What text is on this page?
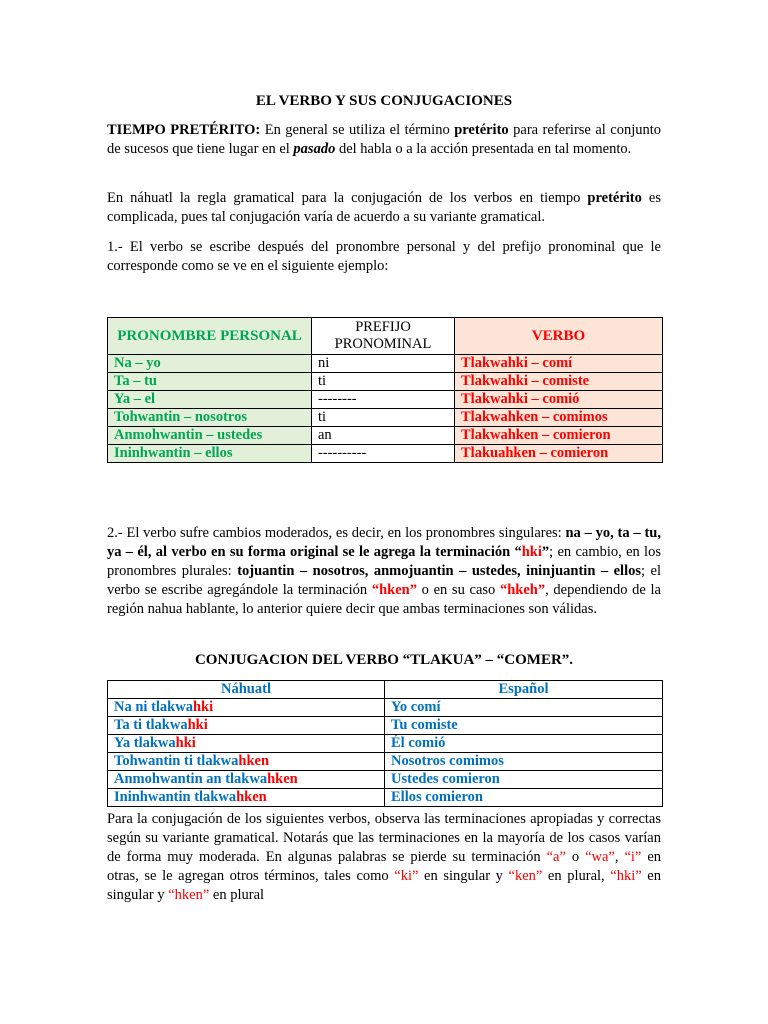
EL VERBO Y SUS CONJUGACIONES

TIEMPO PRETÉRITO: En general se utiliza el término pretérito para referirse al conjunto de sucesos que tiene lugar en el pasado del habla o a la acción presentada en tal momento.

En náhuatl la regla gramatical para la conjugación de los verbos en tiempo pretérito es complicada, pues tal conjugación varía de acuerdo a su variante gramatical.

1.- El verbo se escribe después del pronombre personal y del prefijo pronominal que le corresponde como se ve en el siguiente ejemplo:

PRONOMBRE PERSONAL	PREFIJO PRONOMINAL	VERBO
Na – yo	ni	Tlakwahki – comí
Ta – tu	ti	Tlakwahki – comiste
Ya – el	--------	Tlakwahki – comió
Tohwantin – nosotros	ti	Tlakwahken – comimos
Anmohwantin – ustedes	an	Tlakwahken – comieron
Ininhwantin – ellos	----------	Tlakuahken – comieron

2.- El verbo sufre cambios moderados, es decir, en los pronombres singulares: na – yo, ta – tu, ya – él, al verbo en su forma original se le agrega la terminación “hki”; en cambio, en los pronombres plurales: tojuantin – nosotros, anmojuantin – ustedes, ininjuantin – ellos; el verbo se escribe agregándole la terminación “hken” o en su caso “hkeh”, dependiendo de la región nahua hablante, lo anterior quiere decir que ambas terminaciones son válidas.

CONJUGACION DEL VERBO “TLAKUA” – “COMER”.
Náhuatl	Español
Na ni tlakwahki	Yo comí
Ta ti tlakwahki	Tu comiste
Ya tlakwahki	Él comió
Tohwantin ti tlakwahken	Nosotros comimos
Anmohwantin an tlakwahken	Ustedes comieron
Ininhwantin tlakwahken	Ellos comieron

Para la conjugación de los siguientes verbos, observa las terminaciones apropiadas y correctas según su variante gramatical. Notarás que las terminaciones en la mayoría de los casos varían de forma muy moderada. En algunas palabras se pierde su terminación “a” o “wa”, “i” en otras, se le agregan otros términos, tales como “ki” en singular y “ken” en plural, “hki” en singular y “hken” en plural
